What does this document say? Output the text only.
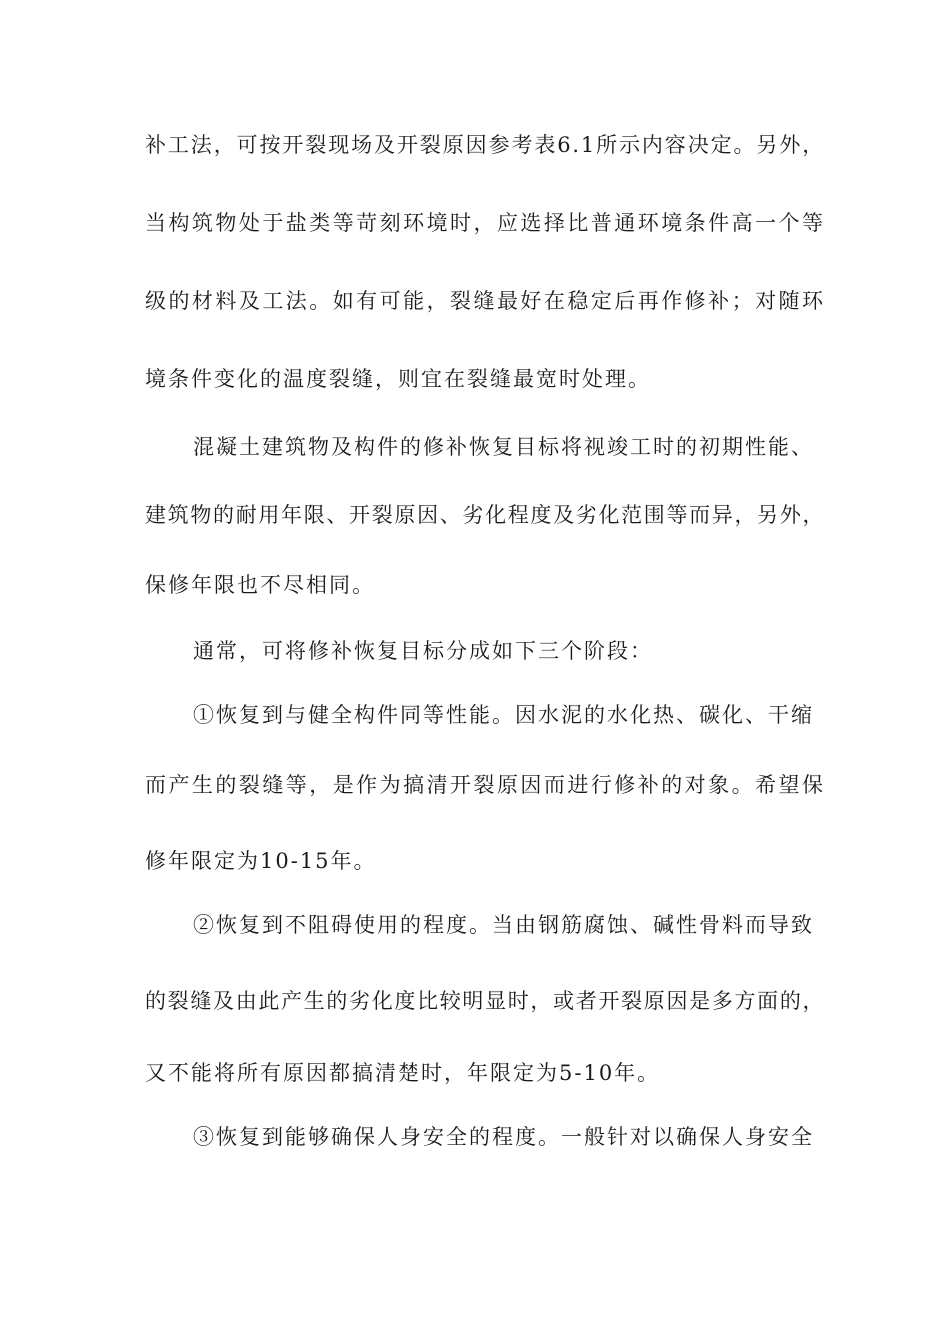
补工法，可按开裂现场及开裂原因参考表6.1所示内容决定。另外，

当构筑物处于盐类等苛刻环境时，应选择比普通环境条件高一个等

级的材料及工法。如有可能，裂缝最好在稳定后再作修补；对随环

境条件变化的温度裂缝，则宜在裂缝最宽时处理。

混凝土建筑物及构件的修补恢复目标将视竣工时的初期性能、

建筑物的耐用年限、开裂原因、劣化程度及劣化范围等而异，另外，

保修年限也不尽相同。

通常，可将修补恢复目标分成如下三个阶段：

①恢复到与健全构件同等性能。因水泥的水化热、碳化、干缩

而产生的裂缝等，是作为搞清开裂原因而进行修补的对象。希望保

修年限定为10-15年。

②恢复到不阻碍使用的程度。当由钢筋腐蚀、碱性骨料而导致

的裂缝及由此产生的劣化度比较明显时，或者开裂原因是多方面的，

又不能将所有原因都搞清楚时，年限定为5-10年。

③恢复到能够确保人身安全的程度。一般针对以确保人身安全
